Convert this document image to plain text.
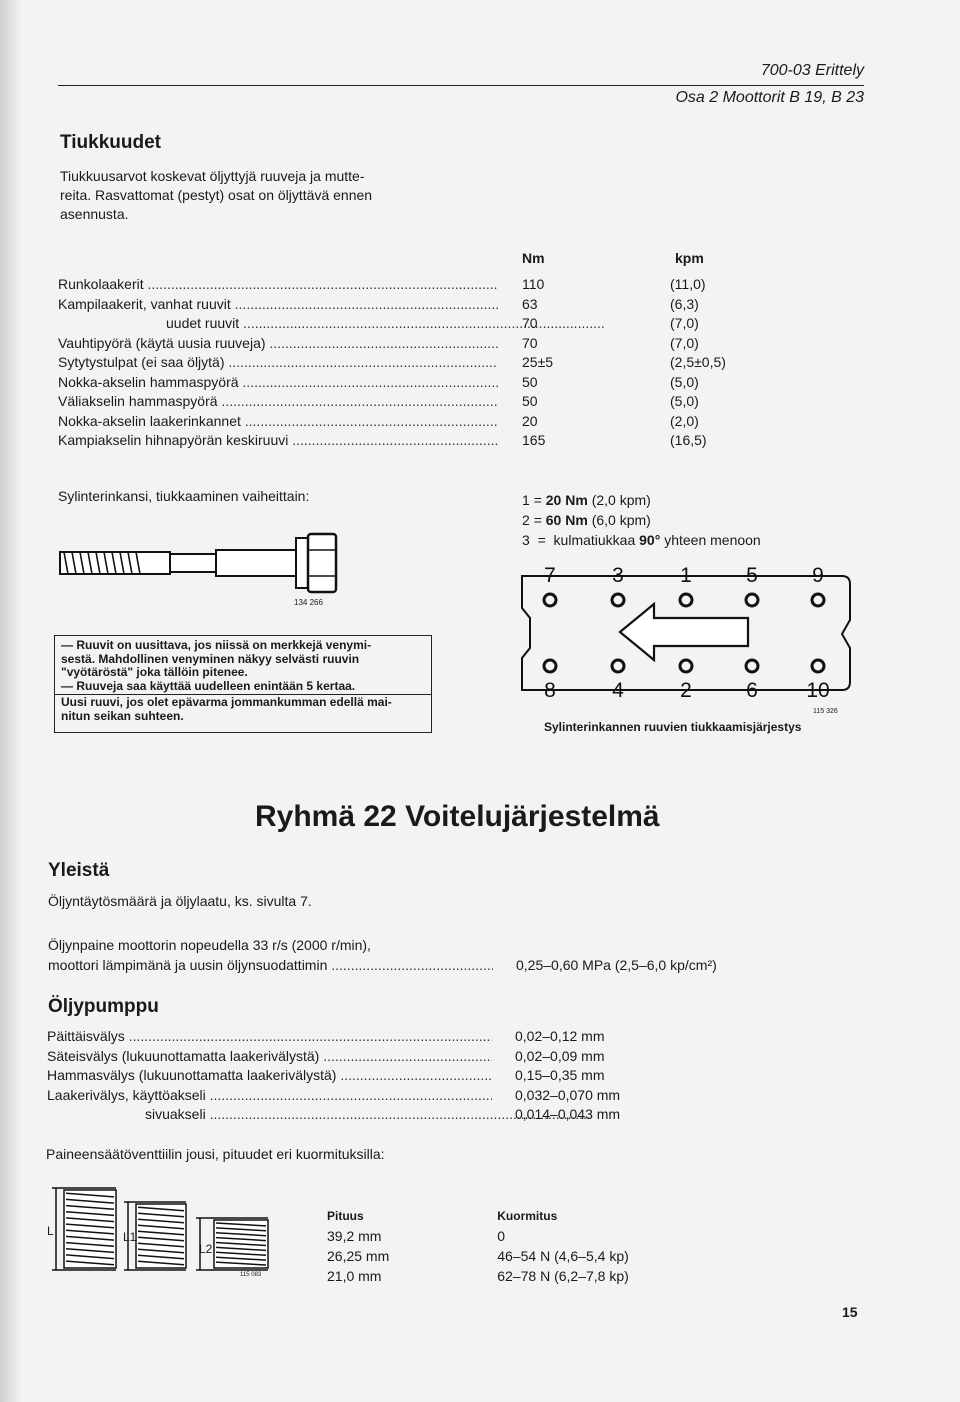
700-03 Erittely
Osa 2 Moottorit B 19, B 23
Tiukkuudet
Tiukkuusarvot koskevat öljyttyjä ruuveja ja mutte-
reita. Rasvattomat (pestyt) osat on öljyttävä ennen
asennusta.
Nm	kpm
Runkolaakerit .....	110	(11,0)
Kampilaakerit, vanhat ruuvit .....	63	(6,3)
uudet ruuvit .....	70	(7,0)
Vauhtipyörä (käytä uusia ruuveja) .....	70	(7,0)
Sytytystulpat (ei saa öljytä) .....	25±5	(2,5±0,5)
Nokka-akselin hammaspyörä .....	50	(5,0)
Väliakselin hammaspyörä .....	50	(5,0)
Nokka-akselin laakerinkannet .....	20	(2,0)
Kampiakselin hihnapyörän keskiruuvi .....	165	(16,5)
Sylinterinkansi, tiukkaaminen vaiheittain:	1 = 20 Nm (2,0 kpm)
2 = 60 Nm (6,0 kpm)
3 = kulmatiukkaa 90° yhteen menoon
134 266
— Ruuvit on uusittava, jos niissä on merkkejä venymi-
sestä. Mahdollinen venyminen näkyy selvästi ruuvin
"vyötäröstä" joka tällöin pitenee.
— Ruuveja saa käyttää uudelleen enintään 5 kertaa.
Uusi ruuvi, jos olet epävarma jommankumman edellä mai-
nitun seikan suhteen.
7
8
3
4
1
2
5
6
9
10
115 326
Sylinterinkannen ruuvien tiukkaamisjärjestys
Ryhmä 22 Voitelujärjestelmä
Yleistä
Öljyntäytösmäärä ja öljylaatu, ks. sivulta 7.
Öljynpaine moottorin nopeudella 33 r/s (2000 r/min),
moottori lämpimänä ja uusin öljynsuodattimin .....	0,25–0,60 MPa (2,5–6,0 kp/cm²)
Öljypumppu
Päittäisvälys .....	0,02–0,12 mm
Säteisvälys (lukuunottamatta laakerivälystä) .....	0,02–0,09 mm
Hammasvälys (lukuunottamatta laakerivälystä) .....	0,15–0,35 mm
Laakerivälys, käyttöakseli .....	0,032–0,070 mm
sivuakseli .....	0,014–0,043 mm
Paineensäätöventtiilin jousi, pituudet eri kuormituksilla:
L	L1
L2
115 083
Pituus	Kuormitus
39,2 mm	0
26,25 mm	46–54 N (4,6–5,4 kp)
21,0 mm	62–78 N (6,2–7,8 kp)
15
